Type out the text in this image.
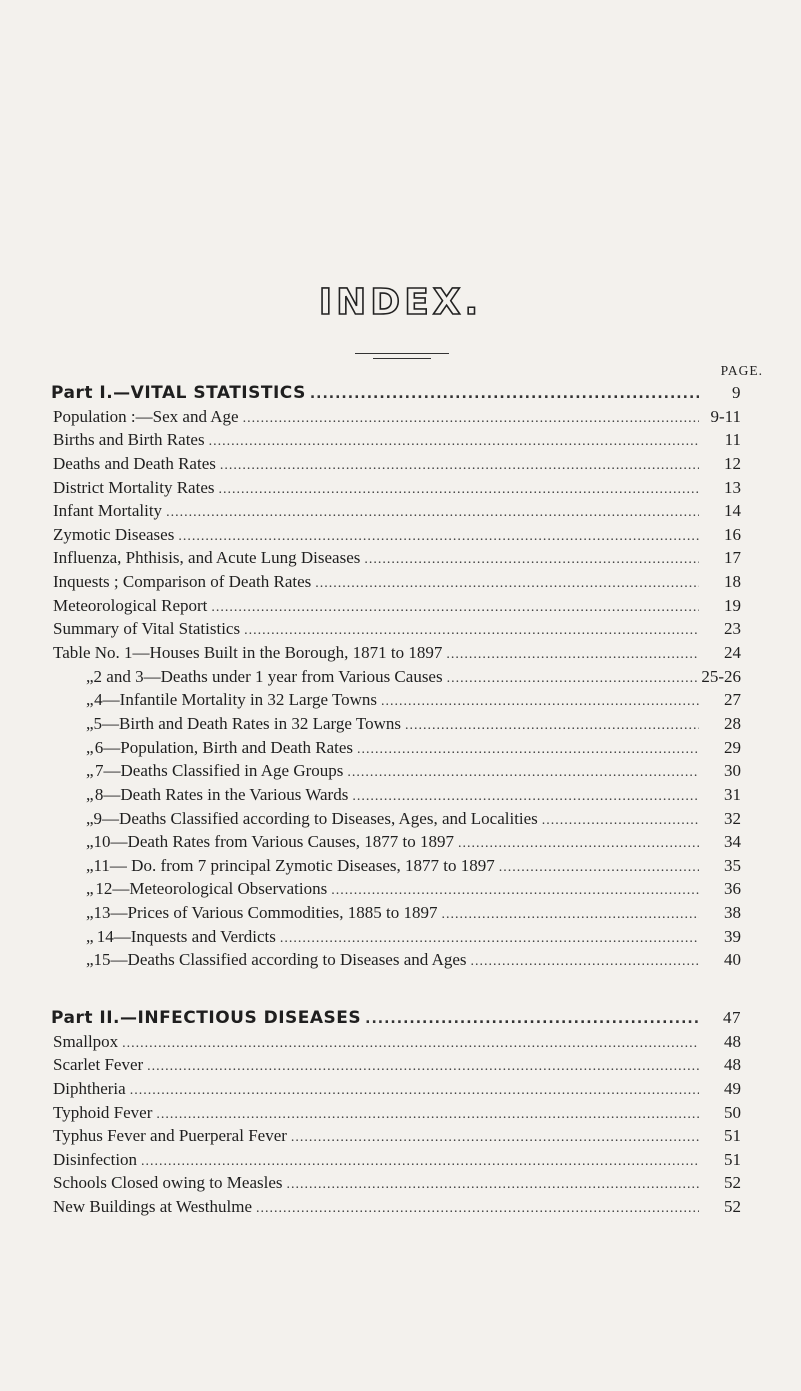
INDEX.
PAGE.
Part I.—VITAL STATISTICS .....	9
Population :—Sex and Age .....	9-11
Births and Birth Rates .....	11
Deaths and Death Rates .....	12
District Mortality Rates .....	13
Infant Mortality .....	14
Zymotic Diseases .....	16
Influenza, Phthisis, and Acute Lung Diseases .....	17
Inquests ; Comparison of Death Rates .....	18
Meteorological Report .....	19
Summary of Vital Statistics .....	23
Table No. 1—Houses Built in the Borough, 1871 to 1897 .....	24
„ 2 and 3—Deaths under 1 year from Various Causes .....	25-26
„ 4—Infantile Mortality in 32 Large Towns .....	27
„ 5—Birth and Death Rates in 32 Large Towns .....	28
„ 6—Population, Birth and Death Rates .....	29
„ 7—Deaths Classified in Age Groups .....	30
„ 8—Death Rates in the Various Wards .....	31
„ 9—Deaths Classified according to Diseases, Ages, and Localities .....	32
„ 10—Death Rates from Various Causes, 1877 to 1897 .....	34
„ 11— Do. from 7 principal Zymotic Diseases, 1877 to 1897 .....	35
„ 12—Meteorological Observations .....	36
„ 13—Prices of Various Commodities, 1885 to 1897 .....	38
„ 14—Inquests and Verdicts .....	39
„ 15—Deaths Classified according to Diseases and Ages .....	40
Part II.—INFECTIOUS DISEASES .....	47
Smallpox .....	48
Scarlet Fever .....	48
Diphtheria .....	49
Typhoid Fever .....	50
Typhus Fever and Puerperal Fever .....	51
Disinfection .....	51
Schools Closed owing to Measles .....	52
New Buildings at Westhulme .....	52
